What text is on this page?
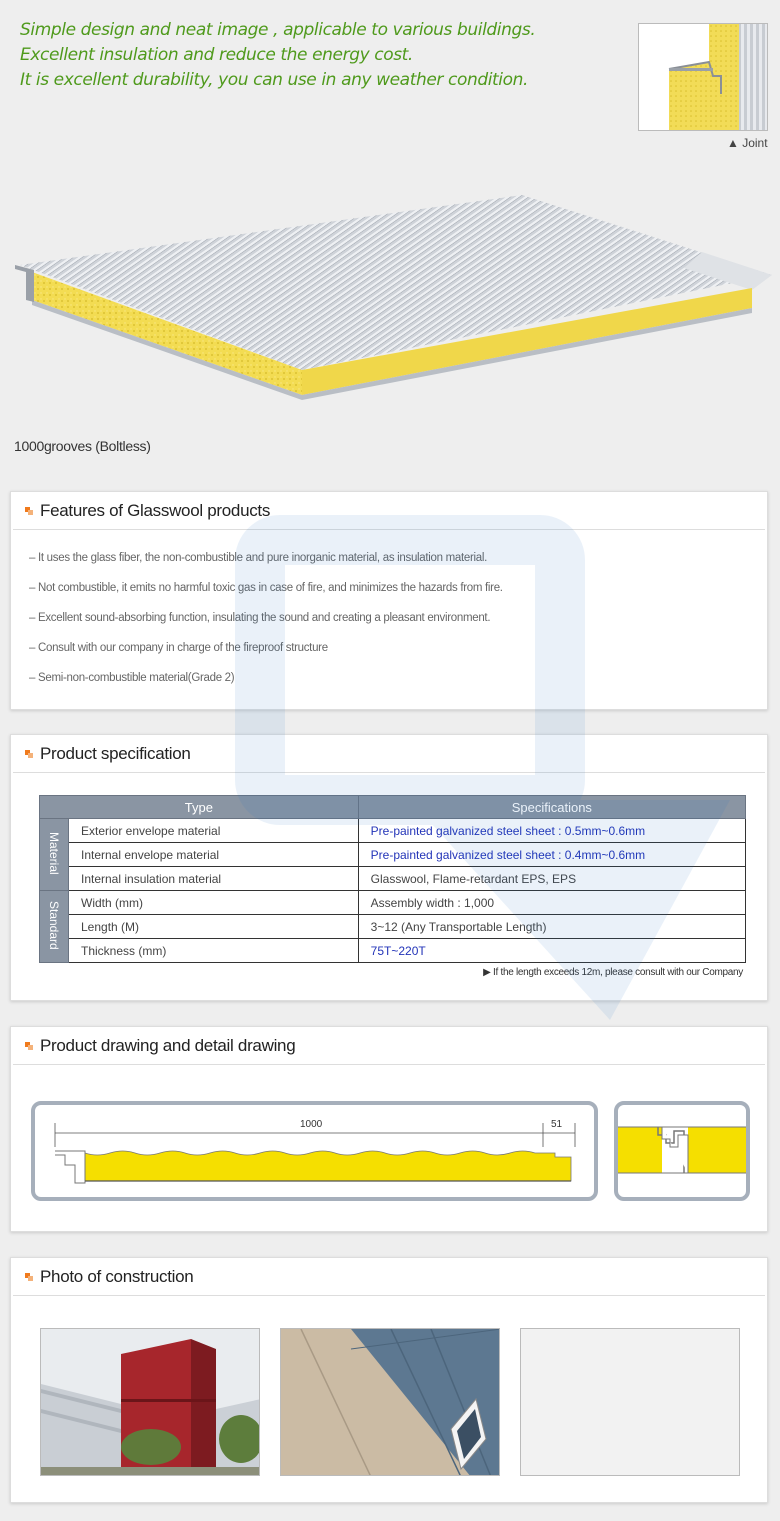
Simple design and neat image , applicable to various buildings.

Excellent insulation and reduce the energy cost.

It is excellent durability, you can use in any weather condition.

▲ Joint
1000grooves (Boltless)
Features of Glasswool products
– It uses the glass fiber, the non-combustible and pure inorganic material, as insulation material.
– Not combustible, it emits no harmful toxic gas in case of fire, and minimizes the hazards from fire.
– Excellent sound-absorbing function, insulating the sound and creating a pleasant environment.
– Consult with our company in charge of the fireproof structure
– Semi-non-combustible material(Grade 2)
Product specification
Type		Specifications
Material	Exterior envelope material	Pre-painted galvanized steel sheet : 0.5mm~0.6mm
	Internal envelope material	Pre-painted galvanized steel sheet : 0.4mm~0.6mm
	Internal insulation material	Glasswool, Flame-retardant EPS, EPS
Standard	Width (mm)	Assembly width : 1,000
	Length (M)	3~12 (Any Transportable Length)
	Thickness (mm)	75T~220T
▶ If the length exceeds 12m, please consult with our Company
Product drawing and detail drawing
1000	51
Photo of construction
